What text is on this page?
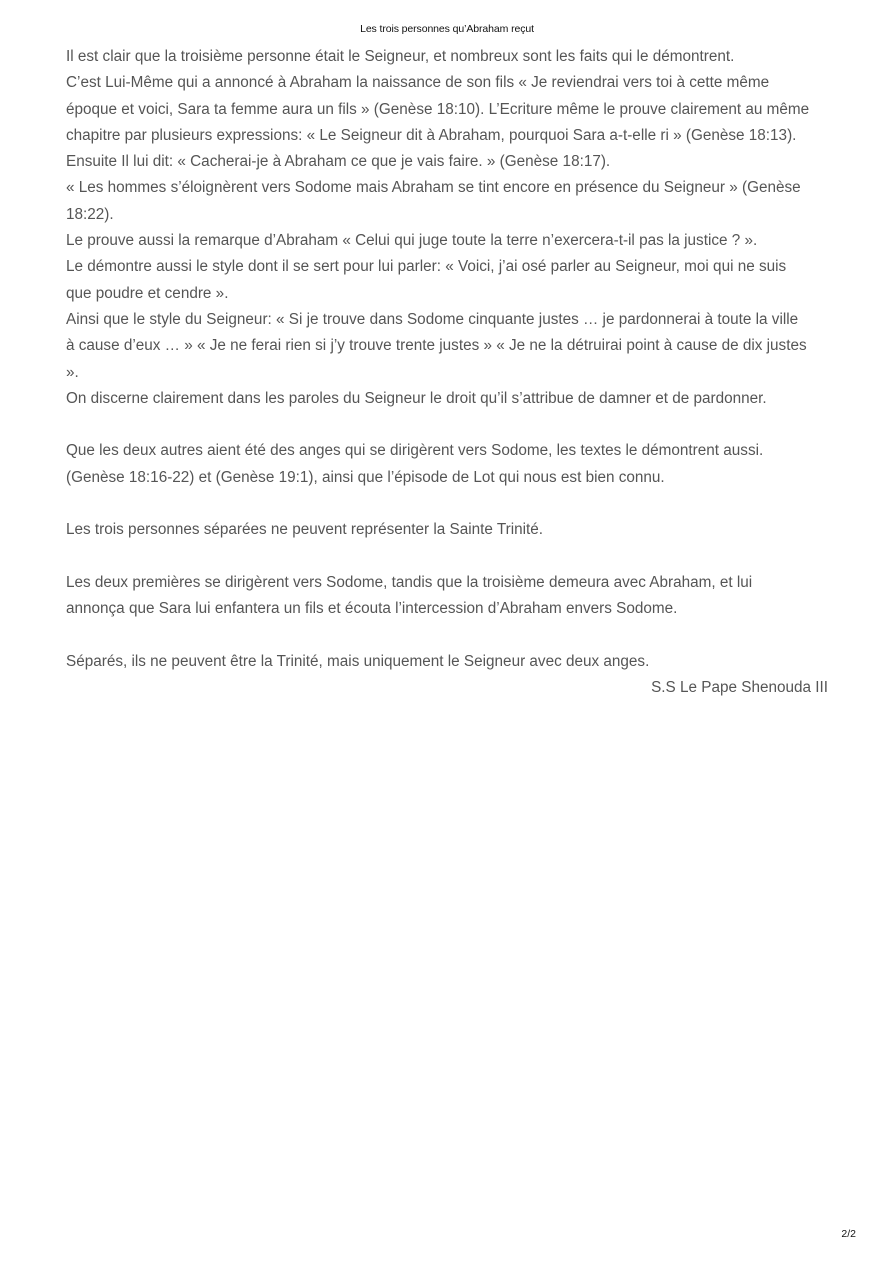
Les trois personnes qu’Abraham reçut
Il est clair que la troisième personne était le Seigneur, et nombreux sont les faits qui le démontrent.
C’est Lui-Même qui a annoncé à Abraham la naissance de son fils « Je reviendrai vers toi à cette même
époque et voici, Sara ta femme aura un fils » (Genèse 18:10). L’Ecriture même le prouve clairement au même
chapitre par plusieurs expressions: « Le Seigneur dit à Abraham, pourquoi Sara a-t-elle ri » (Genèse 18:13).
Ensuite Il lui dit: « Cacherai-je à Abraham ce que je vais faire. » (Genèse 18:17).
« Les hommes s’éloignèrent vers Sodome mais Abraham se tint encore en présence du Seigneur » (Genèse
18:22).
Le prouve aussi la remarque d’Abraham « Celui qui juge toute la terre n’exercera-t-il pas la justice ? ».
Le démontre aussi le style dont il se sert pour lui parler: « Voici, j’ai osé parler au Seigneur, moi qui ne suis
que poudre et cendre ».
Ainsi que le style du Seigneur: « Si je trouve dans Sodome cinquante justes … je pardonnerai à toute la ville
à cause d’eux … » « Je ne ferai rien si j’y trouve trente justes » « Je ne la détruirai point à cause de dix justes
».
On discerne clairement dans les paroles du Seigneur le droit qu’il s’attribue de damner et de pardonner.
Que les deux autres aient été des anges qui se dirigèrent vers Sodome, les textes le démontrent aussi.
(Genèse 18:16-22) et (Genèse 19:1), ainsi que l’épisode de Lot qui nous est bien connu.
Les trois personnes séparées ne peuvent représenter la Sainte Trinité.
Les deux premières se dirigèrent vers Sodome, tandis que la troisième demeura avec Abraham, et lui
annonça que Sara lui enfantera un fils et écouta l’intercession d’Abraham envers Sodome.
Séparés, ils ne peuvent être la Trinité, mais uniquement le Seigneur avec deux anges.
S.S Le Pape Shenouda III
2/2
